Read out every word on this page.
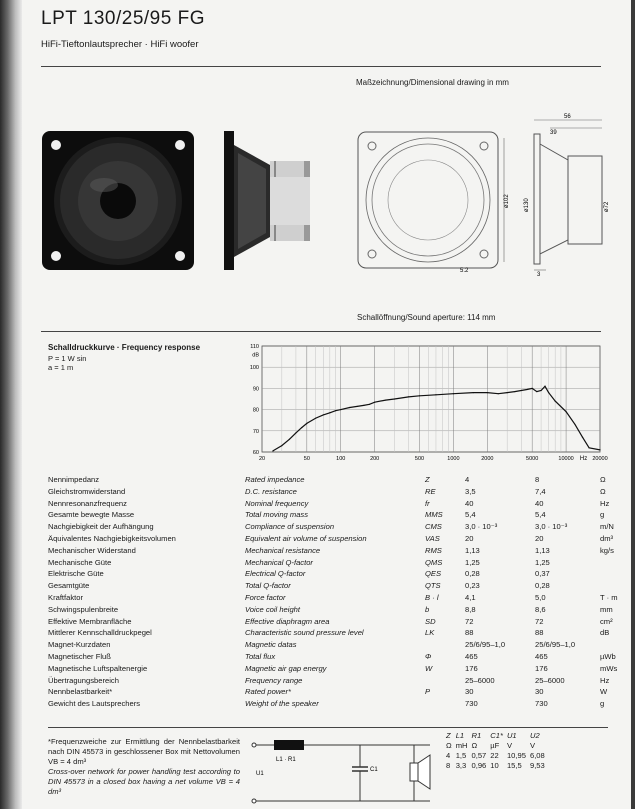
LPT 130/25/95 FG
HiFi-Tieftonlautsprecher · HiFi woofer
Maßzeichnung/Dimensional drawing in mm
ø102
5.2
56
39
ø130	ø72
3
Schallöffnung/Sound aperture: 114 mm
Schalldruckkurve · Frequency response
P = 1 W sin
a = 1 m
110
dB
100
90
80
70
60
20	50	100	200	500	1000	2000	5000	10000	20000
Hz
Nennimpedanz	Rated impedance	Z	4	8	Ω
Gleichstromwiderstand	D.C. resistance	RE	3,5	7,4	Ω
Nennresonanzfrequenz	Nominal frequency	fr	40	40	Hz
Gesamte bewegte Masse	Total moving mass	MMS	5,4	5,4	g
Nachgiebigkeit der Aufhängung	Compliance of suspension	CMS	3,0 · 10⁻³	3,0 · 10⁻³	m/N
Äquivalentes Nachgiebigkeitsvolumen	Equivalent air volume of suspension	VAS	20	20	dm³
Mechanischer Widerstand	Mechanical resistance	RMS	1,13	1,13	kg/s
Mechanische Güte	Mechanical Q-factor	QMS	1,25	1,25	
Elektrische Güte	Electrical Q-factor	QES	0,28	0,37	
Gesamtgüte	Total Q-factor	QTS	0,23	0,28	
Kraftfaktor	Force factor	B · l	4,1	5,0	T · m
Schwingspulenbreite	Voice coil height	b	8,8	8,6	mm
Effektive Membranfläche	Effective diaphragm area	SD	72	72	cm²
Mittlerer Kennschalldruckpegel	Characteristic sound pressure level	LK	88	88	dB
Magnet-Kurzdaten	Magnetic datas		25/6/95–1,0	25/6/95–1,0	
Magnetischer Fluß	Total flux	Φ	465	465	µWb
Magnetische Luftspaltenergie	Magnetic air gap energy	W	176	176	mWs
Übertragungsbereich	Frequency range		25–6000	25–6000	Hz
Nennbelastbarkeit*	Rated power*	P	30	30	W
Gewicht des Lautsprechers	Weight of the speaker		730	730	g
*Frequenzweiche zur Ermittlung der Nennbelastbarkeit nach DIN 45573 in geschlossener Box mit Nettovolumen VB = 4 dm³
Cross-over network for power handling test according to DIN 45573 in a closed box having a net volume VB = 4 dm³
L1 · R1
C1
U1
Z	L1	R1	C1*	U1	U2
Ω	mH	Ω	µF	V	V
4	1,5	0,57	22	10,95	6,08
8	3,3	0,96	10	15,5	9,53
